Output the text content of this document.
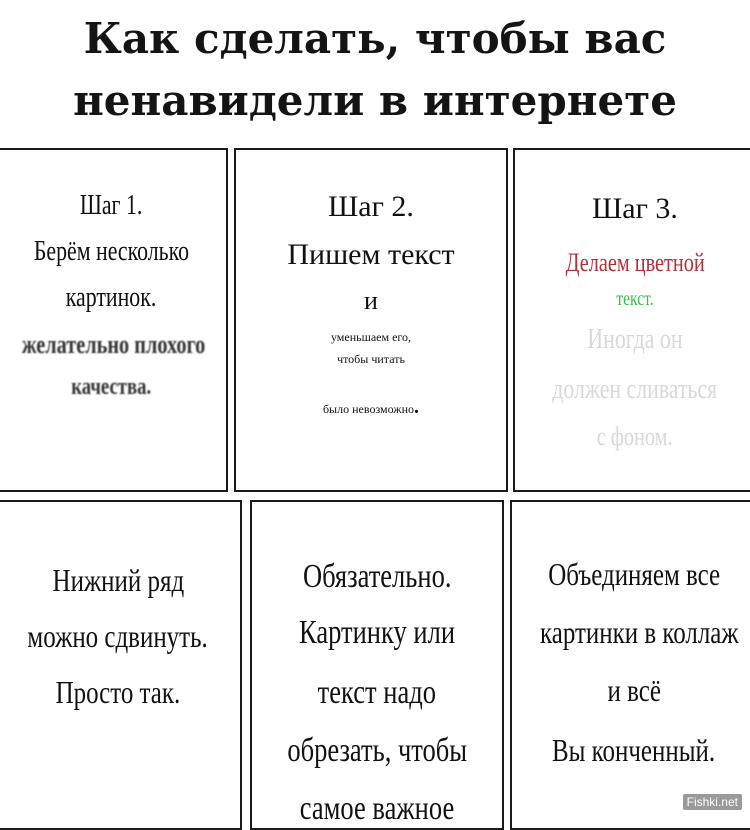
Как сделать, чтобы вас
ненавидели в интернете
Шаг 1.
Берём несколько
картинок.
желательно плохого
качества.
Шаг 2.
Пишем текст
и
уменьшаем его,
чтобы читать
было невозможно.
Шаг 3.
Делаем цветной
текст.
Иногда он
должен сливаться
с фоном.
Нижний ряд
можно сдвинуть.
Просто так.
Обязательно.
Картинку или
текст надо
обрезать, чтобы
самое важное
Объединяем все
картинки в коллаж
и всё
Вы конченный.
Fishki.net
